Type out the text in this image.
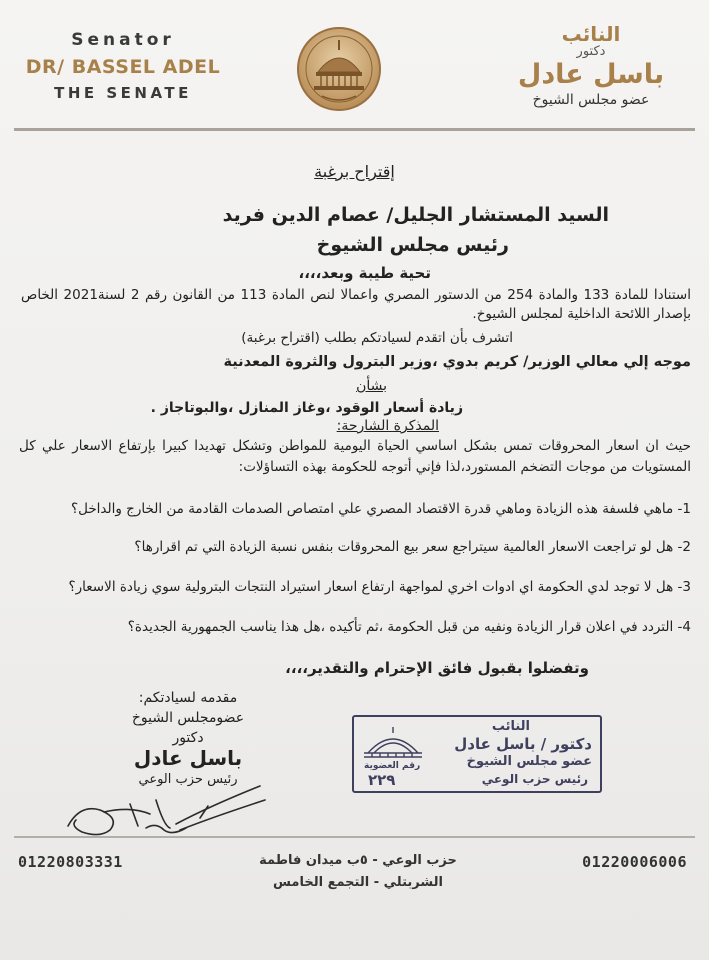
Senator
DR/ BASSEL ADEL
THE SENATE
النائب
دكتور
باسل عادل
عضو مجلس الشيوخ
إقتراح برغبة
السيد المستشار الجليل/ عصام الدين فريد
رئيس مجلس الشيوخ
تحية طيبة وبعد،،،،
استنادا للمادة 133 والمادة 254 من الدستور المصري واعمالا لنص المادة 113 من القانون رقم 2 لسنة2021 الخاص بإصدار اللائحة الداخلية لمجلس الشيوخ.
اتشرف بأن اتقدم لسيادتكم بطلب (اقتراح برغبة)
موجه إلي معالي الوزير/ كريم بدوي ،وزير البترول والثروة المعدنية
بشأن
زيادة أسعار الوقود ،وغاز المنازل ،والبوتاجاز .
المذكرة الشارحة:
حيث ان اسعار المحروقات تمس بشكل اساسي الحياة اليومية للمواطن وتشكل تهديدا كبيرا بإرتفاع الاسعار علي كل المستويات من موجات التضخم المستورد،لذا فإني أتوجه للحكومة بهذه التساؤلات:
1- ماهي فلسفة هذه الزيادة وماهي قدرة الاقتصاد المصري علي امتصاص الصدمات القادمة من الخارج والداخل؟
2- هل لو تراجعت الاسعار العالمية سيتراجع سعر بيع المحروقات بنفس نسبة الزيادة التي تم اقرارها؟
3- هل لا توجد لدي الحكومة اي ادوات اخري لمواجهة ارتفاع اسعار استيراد النتجات البترولية سوي زيادة الاسعار؟
4- التردد في اعلان قرار الزيادة ونفيه من قبل الحكومة ،ثم تأكيده ،هل هذا يناسب الجمهورية الجديدة؟
وتفضلوا بقبول فائق الإحترام والتقدير،،،،
مقدمه لسيادتكم:
عضومجلس الشيوخ
دكتور
باسل عادل
رئيس حزب الوعي
النائب
دكتور / باسل عادل
عضو مجلس الشيوخ
رئيس حزب الوعي
رقم العضوية
٢٢٩
01220803331	حزب الوعي - ٥ب ميدان فاطمة
الشربتلي - التجمع الخامس
01220006006
